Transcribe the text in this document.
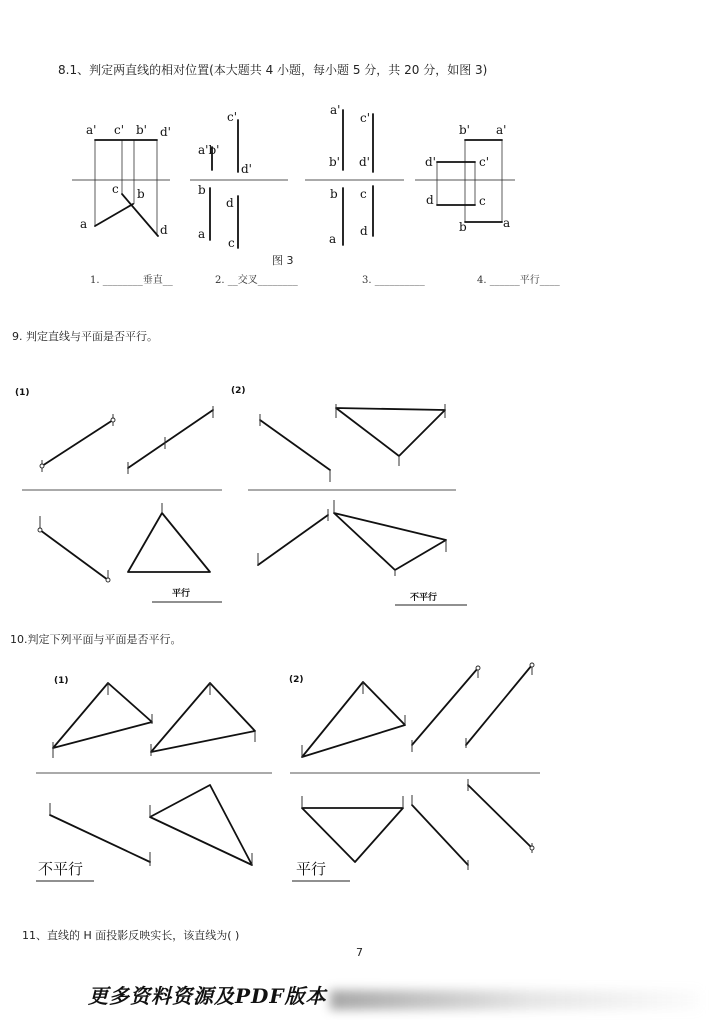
8.1、判定两直线的相对位置(本大题共 4 小题，每小题 5 分，共 20 分，如图 3)
图 3
1. ________垂直__	2. __交叉________	3. __________	4. ______平行____
9. 判定直线与平面是否平行。
10.判定下列平面与平面是否平行。
11、直线的 H 面投影反映实长，该直线为( )
7
更多资料资源及PDF版本
a' c' b' d'
c b
a	d
c'
a'b'
d'
b
d
a
c
a'
c'
b' d'
b c
a
d
b' a'
d'	c'
d	c
b	a
(1)
平行
(2)
不平行
(1)
不平行
(2)
平行
